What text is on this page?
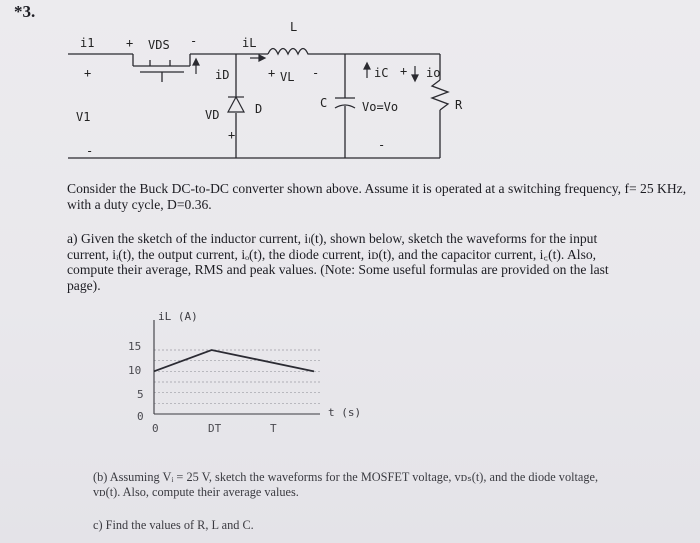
*3.
i1	+ VDS -	iL
L
+	iD	+ VL -	iC + io
R
VD	D	C	Vo=Vo
V1
-
+
-
Consider the Buck DC-to-DC converter shown above. Assume it is operated at a switching frequency, f= 25 KHz, with a duty cycle, D=0.36.
a) Given the sketch of the inductor current, iₗ(t), shown below, sketch the waveforms for the input
current, iᵢ(t), the output current, iₒ(t), the diode current, iᴅ(t), and the capacitor current, i꜀(t). Also,
compute their average, RMS and peak values. (Note: Some useful formulas are provided on the last
page).
iL (A)
15
10
5
0
0	DT	T
t (s)
(b) Assuming Vᵢ = 25 V, sketch the waveforms for the MOSFET voltage, vᴅₛ(t), and the diode voltage,
vᴅ(t). Also, compute their average values.
c) Find the values of R, L and C.
